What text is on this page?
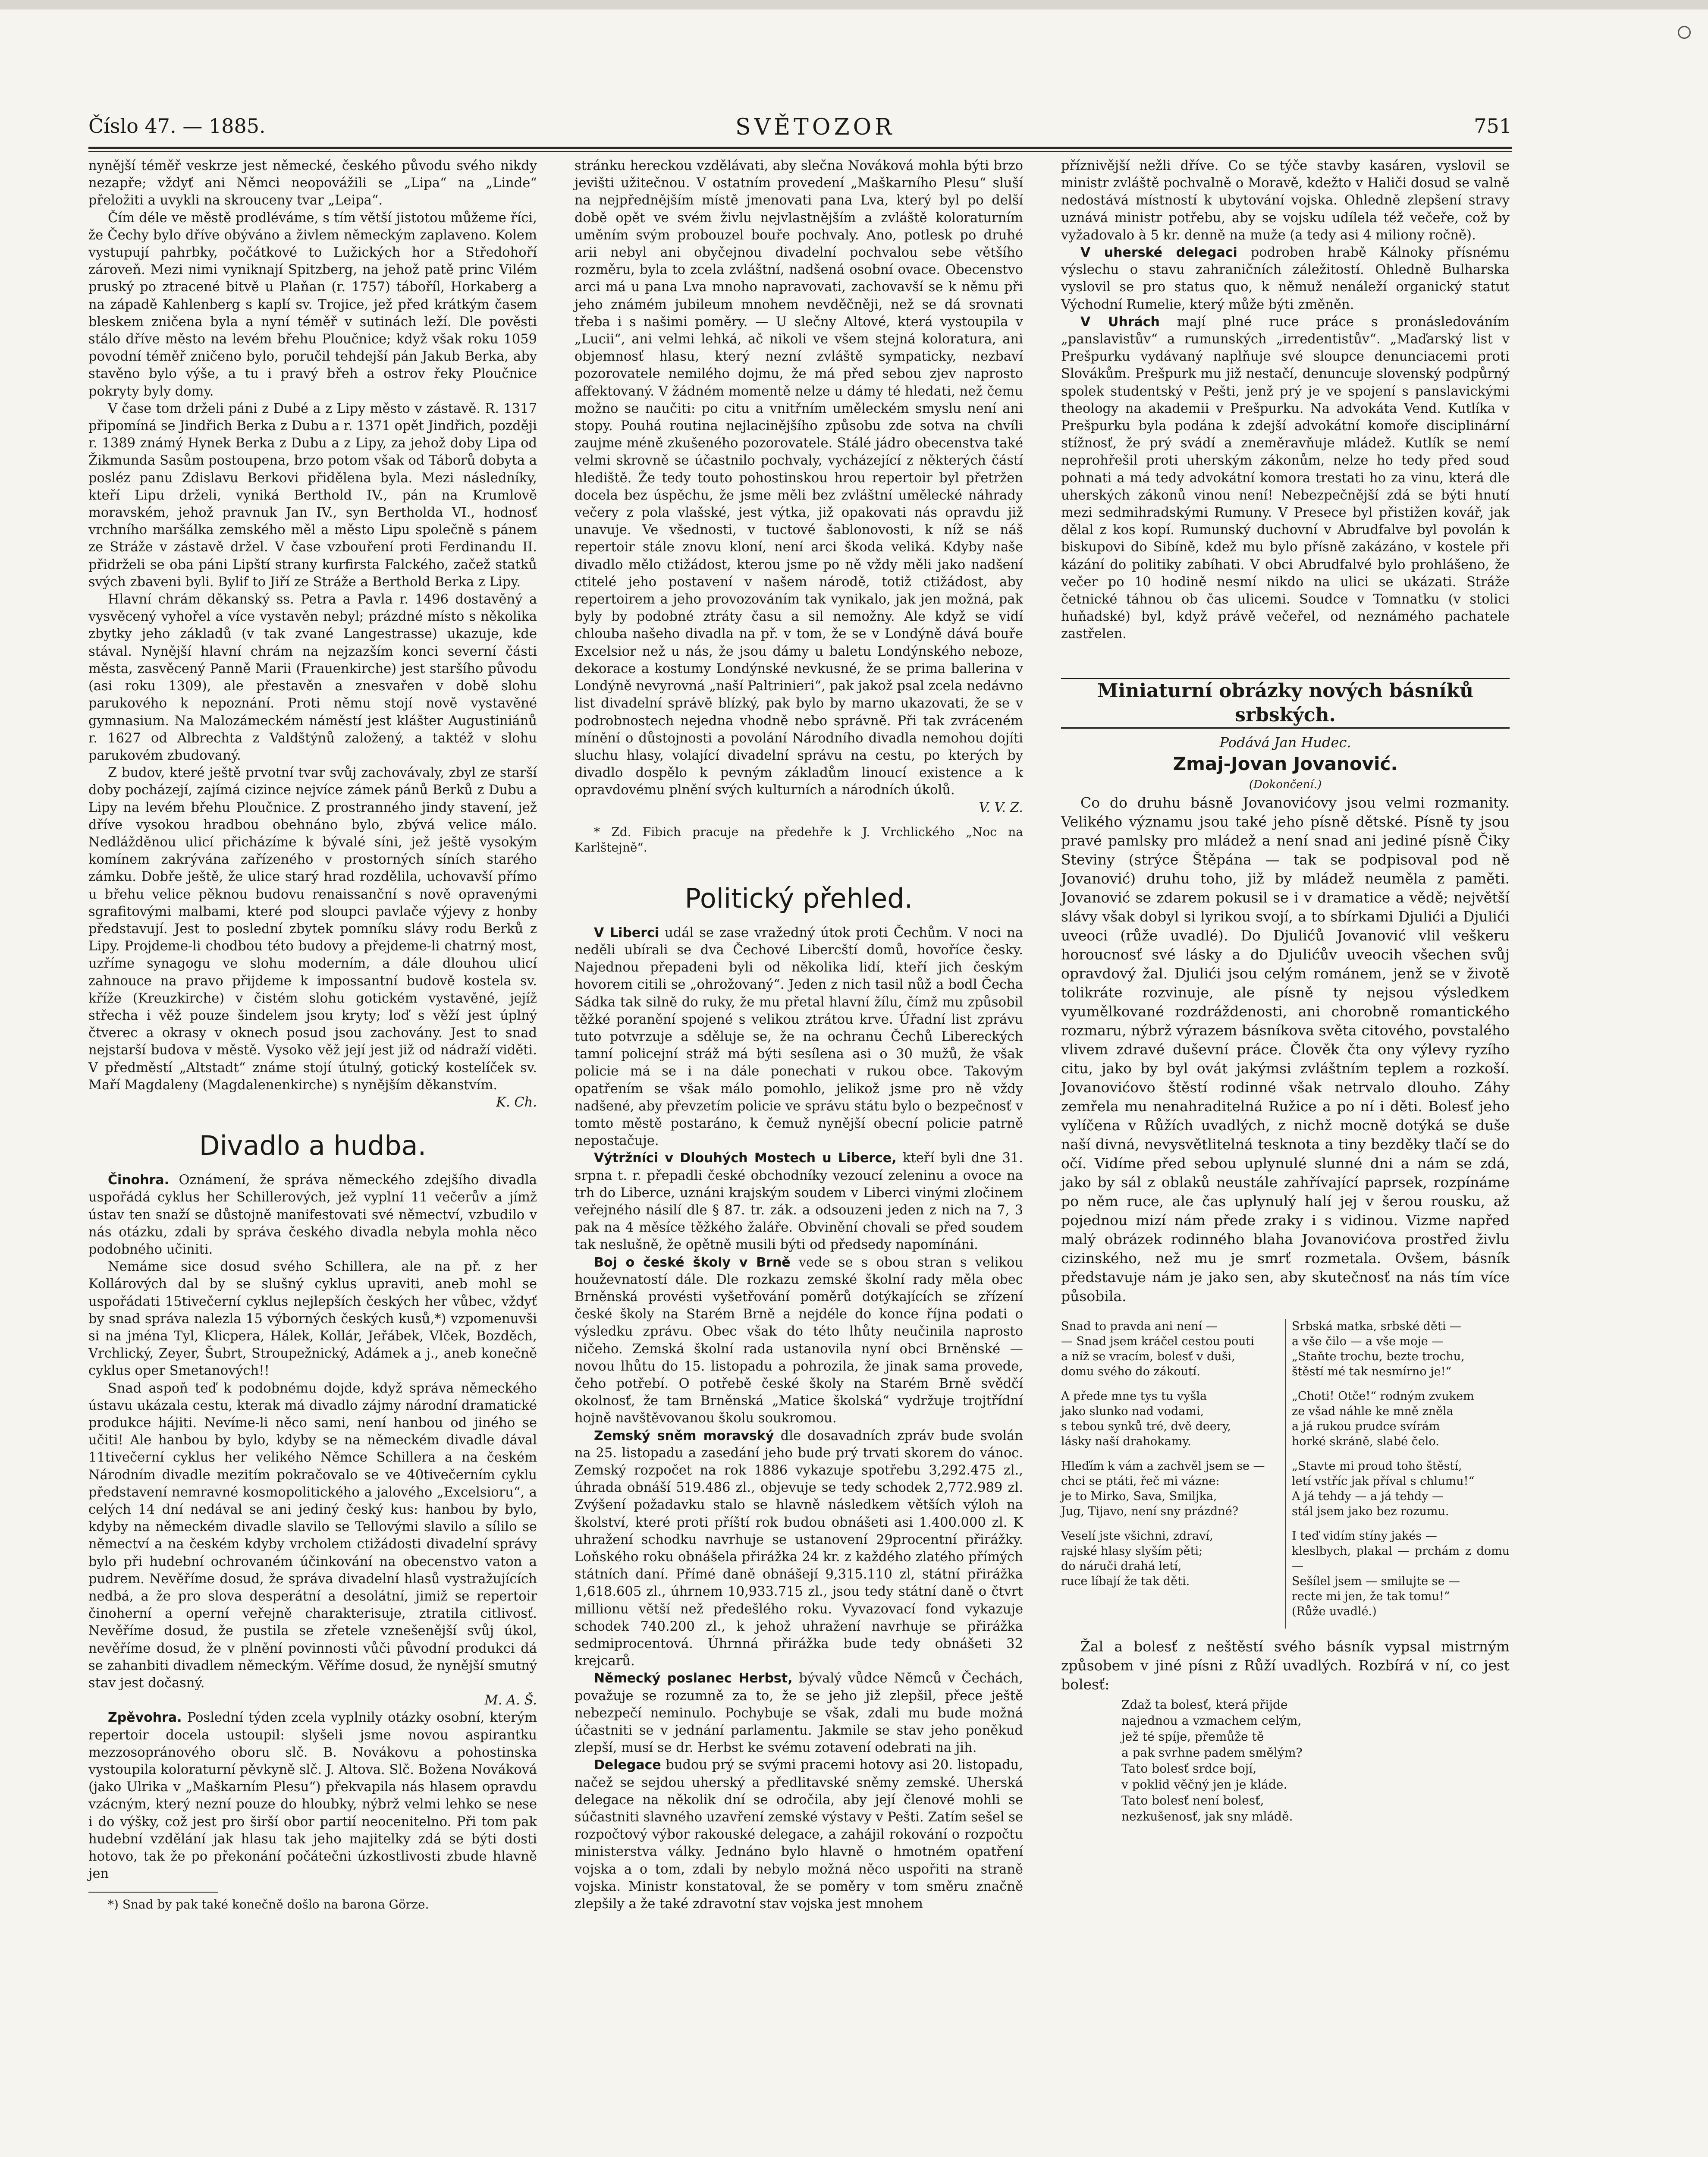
Číslo 47. — 1885.	SVĚTOZOR	751

nynější téměř veskrze jest německé, českého původu svého nikdy nezapře; vždyť ani Němci neopovážili se „Lipa“ na „Linde“ přeložiti a uvykli na skrouceny tvar „Leipa“.

Čím déle ve městě prodléváme, s tím větší jistotou můžeme říci, že Čechy bylo dříve obýváno a živlem německým zaplaveno. Kolem vystupují pahrbky, počátkové to Lužických hor a Středohoří zároveň. Mezi nimi vyniknají Spitzberg, na jehož patě princ Vilém pruský po ztracené bitvě u Plaňan (r. 1757) táboříl, Horkaberg a na západě Kahlenberg s kaplí sv. Trojice, jež před krátkým časem bleskem zničena byla a nyní téměř v sutinách leží. Dle pověsti stálo dříve město na levém břehu Ploučnice; když však roku 1059 povodní téměř zničeno bylo, poručil tehdejší pán Jakub Berka, aby stavěno bylo výše, a tu i pravý břeh a ostrov řeky Ploučnice pokryty byly domy.

V čase tom drželi páni z Dubé a z Lipy město v zástavě. R. 1317 připomíná se Jindřich Berka z Dubu a r. 1371 opět Jindřich, později r. 1389 známý Hynek Berka z Dubu a z Lipy, za jehož doby Lipa od Žikmunda Sasům postoupena, brzo potom však od Táborů dobyta a posléz panu Zdislavu Berkovi přidělena byla. Mezi následníky, kteří Lipu drželi, vyniká Berthold IV., pán na Krumlově moravském, jehož pravnuk Jan IV., syn Bertholda VI., hodnosť vrchního maršálka zemského měl a město Lipu společně s pánem ze Stráže v zástavě držel. V čase vzbouření proti Ferdinandu II. přidrželi se oba páni Lipští strany kurfirsta Falckého, začež statků svých zbaveni byli. Bylif to Jiří ze Stráže a Berthold Berka z Lipy.

Hlavní chrám děkanský ss. Petra a Pavla r. 1496 dostavěný a vysvěcený vyhořel a více vystavěn nebyl; prázdné místo s několika zbytky jeho základů (v tak zvané Langestrasse) ukazuje, kde stával. Nynější hlavní chrám na nejzazším konci severní části města, zasvěcený Panně Marii (Frauenkirche) jest staršího původu (asi roku 1309), ale přestavěn a znesvařen v době slohu parukového k nepoznání. Proti němu stojí nově vystavěné gymnasium. Na Malozámeckém náměstí jest klášter Augustiniánů r. 1627 od Albrechta z Valdštýnů založený, a taktéž v slohu parukovém zbudovaný.

Z budov, které ještě prvotní tvar svůj zachovávaly, zbyl ze starší doby pocházejí, zajímá cizince nejvíce zámek pánů Berků z Dubu a Lipy na levém břehu Ploučnice. Z prostranného jindy stavení, jež dříve vysokou hradbou obehnáno bylo, zbývá velice málo. Nedlážděnou ulicí přicházíme k bývalé síni, jež ještě vysokým komínem zakrývána zařízeného v prostorných síních starého zámku. Dobře ještě, že ulice starý hrad rozdělila, uchovavší přímo u břehu velice pěknou budovu renaissanční s nově opravenými sgrafitovými malbami, které pod sloupci pavlače výjevy z honby představují. Jest to poslední zbytek pomníku slávy rodu Berků z Lipy. Projdeme-li chodbou této budovy a přejdeme-li chatrný most, uzříme synagogu ve slohu moderním, a dále dlouhou ulicí zahnouce na pravo přijdeme k impossantní budově kostela sv. kříže (Kreuzkirche) v čistém slohu gotickém vystavěné, jejíž střecha i věž pouze šindelem jsou kryty; loď s věží jest úplný čtverec a okrasy v oknech posud jsou zachovány. Jest to snad nejstarší budova v městě. Vysoko věž její jest již od nádraží viděti. V předměstí „Altstadt“ známe stojí útulný, gotický kostelíček sv. Maří Magdaleny (Magdalenenkirche) s nynějším děkanstvím.

K. Ch.

Divadlo a hudba.

Činohra. Oznámení, že správa německého zdejšího divadla uspořádá cyklus her Schillerových, jež vyplní 11 večerův a jímž ústav ten snaží se důstojně manifestovati své němectví, vzbudilo v nás otázku, zdali by správa českého divadla nebyla mohla něco podobného učiniti.

Nemáme sice dosud svého Schillera, ale na př. z her Kollárových dal by se slušný cyklus upraviti, aneb mohl se uspořádati 15tivečerní cyklus nejlepších českých her vůbec, vždyť by snad správa nalezla 15 výborných českých kusů,*) vzpomenuvši si na jména Tyl, Klicpera, Hálek, Kollár, Jeřábek, Vlček, Bozděch, Vrchlický, Zeyer, Šubrt, Stroupežnický, Adámek a j., aneb konečně cyklus oper Smetanových!!

Snad aspoň teď k podobnému dojde, když správa německého ústavu ukázala cestu, kterak má divadlo zájmy národní dramatické produkce hájiti. Nevíme-li něco sami, není hanbou od jiného se učiti! Ale hanbou by bylo, kdyby se na německém divadle dával 11tivečerní cyklus her velikého Němce Schillera a na českém Národním divadle mezitím pokračovalo se ve 40tivečerním cyklu představení nemravné kosmopolitického a jalového „Excelsioru“, a celých 14 dní nedával se ani jediný český kus: hanbou by bylo, kdyby na německém divadle slavilo se Tellovými slavilo a sílilo se němectví a na českém kdyby vrcholem ctižádosti divadelní správy bylo při hudební ochrovaném účinkování na obecenstvo vaton a pudrem. Nevěříme dosud, že správa divadelní hlasů vystražujících nedbá, a že pro slova desperátní a desolátní, jimiž se repertoir činoherní a operní veřejně charakterisuje, ztratila citlivosť. Nevěříme dosud, že pustila se zřetele vznešenější svůj úkol, nevěříme dosud, že v plnění povinnosti vůči původní produkci dá se zahanbiti divadlem německým. Věříme dosud, že nynější smutný stav jest dočasný.

M. A. Š.

Zpěvohra. Poslední týden zcela vyplnily otázky osobní, kterým repertoir docela ustoupil: slyšeli jsme novou aspirantku mezzosopránového oboru slč. B. Novákovu a pohostinska vystoupila koloraturní pěvkyně slč. J. Altova. Slč. Božena Nováková (jako Ulrika v „Maškarním Plesu“) překvapila nás hlasem opravdu vzácným, který nezní pouze do hloubky, nýbrž velmi lehko se nese i do výšky, což jest pro širší obor partií neocenitelno. Při tom pak hudební vzdělání jak hlasu tak jeho majitelky zdá se býti dosti hotovo, tak že po překonání počátečni úzkostlivosti zbude hlavně jen

*) Snad by pak také konečně došlo na barona Görze.

stránku hereckou vzdělávati, aby slečna Nováková mohla býti brzo jevišti užitečnou. V ostatním provedení „Maškarního Plesu“ sluší na nejpřednějším místě jmenovati pana Lva, který byl po delší době opět ve svém živlu nejvlastnějším a zvláště koloraturním uměním svým probouzel bouře pochvaly. Ano, potlesk po druhé arii nebyl ani obyčejnou divadelní pochvalou sebe většího rozměru, byla to zcela zvláštní, nadšená osobní ovace. Obecenstvo arci má u pana Lva mnoho napravovati, zachovavší se k němu při jeho známém jubileum mnohem nevděčněji, než se dá srovnati třeba i s našimi poměry. — U slečny Altové, která vystoupila v „Lucii“, ani velmi lehká, ač nikoli ve všem stejná koloratura, ani objemnosť hlasu, který nezní zvláště sympaticky, nezbaví pozorovatele nemilého dojmu, že má před sebou zjev naprosto affektovaný. V žádném momentě nelze u dámy té hledati, než čemu možno se naučiti: po citu a vnitřním uměleckém smyslu není ani stopy. Pouhá routina nejlacinějšího způsobu zde sotva na chvíli zaujme méně zkušeného pozorovatele. Stálé jádro obecenstva také velmi skrovně se účastnilo pochvaly, vycházející z některých částí hlediště. Že tedy touto pohostinskou hrou repertoir byl přetržen docela bez úspěchu, že jsme měli bez zvláštní umělecké náhrady večery z pola vlašské, jest výtka, již opakovati nás opravdu již unavuje. Ve všednosti, v tuctové šablonovosti, k níž se náš repertoir stále znovu kloní, není arci škoda veliká. Kdyby naše divadlo mělo ctižádost, kterou jsme po ně vždy měli jako nadšení ctitelé jeho postavení v našem národě, totiž ctižádost, aby repertoirem a jeho provozováním tak vynikalo, jak jen možná, pak byly by podobné ztráty času a sil nemožny. Ale když se vidí chlouba našeho divadla na př. v tom, že se v Londýně dává bouře Excelsior než u nás, že jsou dámy u baletu Londýnského neboze, dekorace a kostumy Londýnské nevkusné, že se prima ballerina v Londýně nevyrovná „naší Paltrinieri“, pak jakož psal zcela nedávno list divadelní správě blízký, pak bylo by marno ukazovati, že se v podrobnostech nejedna vhodně nebo správně. Při tak zvráceném mínění o důstojnosti a povolání Národního divadla nemohou dojíti sluchu hlasy, volající divadelní správu na cestu, po kterých by divadlo dospělo k pevným základům linoucí existence a k opravdovému plnění svých kulturních a národních úkolů.

V. V. Z.

* Zd. Fibich pracuje na předehře k J. Vrchlického „Noc na Karlštejně“.

Politický přehled.

V Liberci udál se zase vražedný útok proti Čechům. V noci na neděli ubírali se dva Čechové Libercští domů, hovoříce česky. Najednou přepadeni byli od několika lidí, kteří jich českým hovorem citili se „ohrožovaný“. Jeden z nich tasil nůž a bodl Čecha Sádka tak silně do ruky, že mu přetal hlavní žílu, čímž mu způsobil těžké poranění spojené s velikou ztrátou krve. Úřadní list zprávu tuto potvrzuje a sděluje se, že na ochranu Čechů Libereckých tamní policejní stráž má býti sesílena asi o 30 mužů, že však policie má se i na dále ponechati v rukou obce. Takovým opatřením se však málo pomohlo, jelikož jsme pro ně vždy nadšené, aby převzetím policie ve správu státu bylo o bezpečnosť v tomto městě postaráno, k čemuž nynější obecní policie patrně nepostačuje.

Výtržníci v Dlouhých Mostech u Liberce, kteří byli dne 31. srpna t. r. přepadli české obchodníky vezoucí zeleninu a ovoce na trh do Liberce, uznáni krajským soudem v Liberci vinými zločinem veřejného násilí dle § 87. tr. zák. a odsouzeni jeden z nich na 7, 3 pak na 4 měsíce těžkého žaláře. Obvinění chovali se před soudem tak neslušně, že opětně musili býti od předsedy napomínáni.

Boj o české školy v Brně vede se s obou stran s velikou houževnatostí dále. Dle rozkazu zemské školní rady měla obec Brněnská provésti vyšetřování poměrů dotýkajících se zřízení české školy na Starém Brně a nejdéle do konce října podati o výsledku zprávu. Obec však do této lhůty neučinila naprosto ničeho. Zemská školní rada ustanovila nyní obci Brněnské — novou lhůtu do 15. listopadu a pohrozila, že jinak sama provede, čeho potřebí. O potřebě české školy na Starém Brně svědčí okolnosť, že tam Brněnská „Matice školská“ vydržuje trojtřídní hojně navštěvovanou školu soukromou.

Zemský sněm moravský dle dosavadních zpráv bude svolán na 25. listopadu a zasedání jeho bude prý trvati skorem do vánoc. Zemský rozpočet na rok 1886 vykazuje spotřebu 3,292.475 zl., úhrada obnáší 519.486 zl., objevuje se tedy schodek 2,772.989 zl. Zvýšení požadavku stalo se hlavně následkem větších výloh na školství, které proti příští rok budou obnášeti asi 1.400.000 zl. K uhražení schodku navrhuje se ustanovení 29procentní přirážky. Loňského roku obnášela přirážka 24 kr. z každého zlatého přímých státních daní. Přímé daně obnášejí 9,315.110 zl, státní přirážka 1,618.605 zl., úhrnem 10,933.715 zl., jsou tedy státní daně o čtvrt millionu větší než předešlého roku. Vyvazovací fond vykazuje schodek 740.200 zl., k jehož uhražení navrhuje se přirážka sedmiprocentová. Úhrnná přirážka bude tedy obnášeti 32 krejcarů.

Německý poslanec Herbst, bývalý vůdce Němců v Čechách, považuje se rozumně za to, že se jeho již zlepšil, přece ještě nebezpečí neminulo. Pochybuje se však, zdali mu bude možná účastniti se v jednání parlamentu. Jakmile se stav jeho poněkud zlepší, musí se dr. Herbst ke svému zotavení odebrati na jih.

Delegace budou prý se svými pracemi hotovy asi 20. listopadu, načež se sejdou uherský a předlitavské sněmy zemské. Uherská delegace na několik dní se odročila, aby její členové mohli se súčastniti slavného uzavření zemské výstavy v Pešti. Zatím sešel se rozpočtový výbor rakouské delegace, a zahájil rokování o rozpočtu ministerstva války. Jednáno bylo hlavně o hmotném opatření vojska a o tom, zdali by nebylo možná něco uspořiti na straně vojska. Ministr konstatoval, že se poměry v tom směru značně zlepšily a že také zdravotní stav vojska jest mnohem

příznivější nežli dříve. Co se týče stavby kasáren, vyslovil se ministr zvláště pochvalně o Moravě, kdežto v Haliči dosud se valně nedostává místností k ubytování vojska. Ohledně zlepšení stravy uznává ministr potřebu, aby se vojsku udílela též večeře, což by vyžadovalo à 5 kr. denně na muže (a tedy asi 4 miliony ročně).

V uherské delegaci podroben hrabě Kálnoky přísnému výslechu o stavu zahraničních záležitostí. Ohledně Bulharska vyslovil se pro status quo, k němuž nenáleží organický statut Východní Rumelie, který může býti změněn.

V Uhrách mají plné ruce práce s pronásledováním „panslavistův“ a rumunských „irredentistův“. „Maďarský list v Prešpurku vydávaný naplňuje své sloupce denunciacemi proti Slovákům. Prešpurk mu již nestačí, denuncuje slovenský podpůrný spolek studentský v Pešti, jenž prý je ve spojení s panslavickými theology na akademii v Prešpurku. Na advokáta Vend. Kutlíka v Prešpurku byla podána k zdejší advokátní komoře disciplinární stížnosť, že prý svádí a zneměravňuje mládež. Kutlík se nemí neprohřešil proti uherským zákonům, nelze ho tedy před soud pohnati a má tedy advokátní komora trestati ho za vinu, která dle uherských zákonů vinou není! Nebezpečnější zdá se býti hnutí mezi sedmihradskými Rumuny. V Presece byl přistižen kovář, jak dělal z kos kopí. Rumunský duchovní v Abrudfalve byl povolán k biskupovi do Sibíně, kdež mu bylo přísně zakázáno, v kostele při kázání do politiky zabíhati. V obci Abrudfalvé bylo prohlášeno, že večer po 10 hodině nesmí nikdo na ulici se ukázati. Stráže četnické táhnou ob čas ulicemi. Soudce v Tomnatku (v stolici huňadské) byl, když právě večeřel, od neznámého pachatele zastřelen.

Miniaturní obrázky nových básníků srbských.
Podává Jan Hudec.
Zmaj-Jovan Jovanović.
(Dokončení.)

Co do druhu básně Jovanovićovy jsou velmi rozmanity. Velikého významu jsou také jeho písně dětské. Písně ty jsou pravé pamlsky pro mládež a není snad ani jediné písně Čiky Steviny (strýce Štěpána — tak se podpisoval pod ně Jovanović) druhu toho, již by mládež neuměla z paměti. Jovanović se zdarem pokusil se i v dramatice a vědě; největší slávy však dobyl si lyrikou svojí, a to sbírkami Djulići a Djulići uveoci (růže uvadlé). Do Djulićů Jovanović vlil veškeru horoucnosť své lásky a do Djulićův uveocih všechen svůj opravdový žal. Djulići jsou celým románem, jenž se v životě tolikráte rozvinuje, ale písně ty nejsou výsledkem vyumělkované rozdráždenosti, ani chorobně romantického rozmaru, nýbrž výrazem básníkova světa citového, povstalého vlivem zdravé duševní práce. Člověk čta ony výlevy ryzího citu, jako by byl ovát jakýmsi zvláštním teplem a rozkoší. Jovanovićovo štěstí rodinné však netrvalo dlouho. Záhy zemřela mu nenahraditelná Ružice a po ní i děti. Bolesť jeho vylíčena v Růžích uvadlých, z nichž mocně dotýká se duše naší divná, nevysvětlitelná tesknota a tiny bezděky tlačí se do očí. Vidíme před sebou uplynulé slunné dni a nám se zdá, jako by sál z oblaků neustále zahřívající paprsek, rozpínáme po něm ruce, ale čas uplynulý halí jej v šerou rousku, až pojednou mizí nám přede zraky i s vidinou. Vizme napřed malý obrázek rodinného blaha Jovanovićova prostřed živlu cizinského, než mu je smrť rozmetala. Ovšem, básník představuje nám je jako sen, aby skutečnosť na nás tím více působila.

Snad to pravda ani není —
— Snad jsem kráčel cestou pouti
a níž se vracím, bolesť v duši,
domu svého do zákoutí.

A přede mne tys tu vyšla
jako slunko nad vodami,
s tebou synků tré, dvě deery,
lásky naší drahokamy.

Hleďím k vám a zachvěl jsem se —
chci se ptáti, řeč mi vázne:
je to Mirko, Sava, Smiljka,
Jug, Tijavo, není sny prázdné?

Veselí jste všichni, zdraví,
rajské hlasy slyším pěti;
do náruči drahá letí,
ruce líbají že tak děti.

Srbská matka, srbské děti —
a vše čilo — a vše moje —
„Staňte trochu, bezte trochu,
štěstí mé tak nesmírno je!“

„Choti! Otče!“ rodným zvukem
ze všad náhle ke mně zněla
a já rukou prudce svírám
horké skráně, slabé čelo.

„Stavte mi proud toho štěstí,
letí vstříc jak příval s chlumu!“
A já tehdy — a já tehdy —
stál jsem jako bez rozumu.

I teď vidím stíny jakés —
kleslbych, plakal — prchám z domu —
Sešílel jsem — smilujte se —
recte mi jen, že tak tomu!“
(Růže uvadlé.)

Žal a bolesť z neštěstí svého básník vypsal mistrným způsobem v jiné písni z Růží uvadlých. Rozbírá v ní, co jest bolesť:

Zdaž ta bolesť, která přijde
najednou a vzmachem celým,
jež té spíje, přemůže tě
a pak svrhne padem smělým?
Tato bolesť srdce bojí,
v poklid věčný jen je kláde.
Tato bolesť není bolesť,
nezkušenosť, jak sny mládě.
